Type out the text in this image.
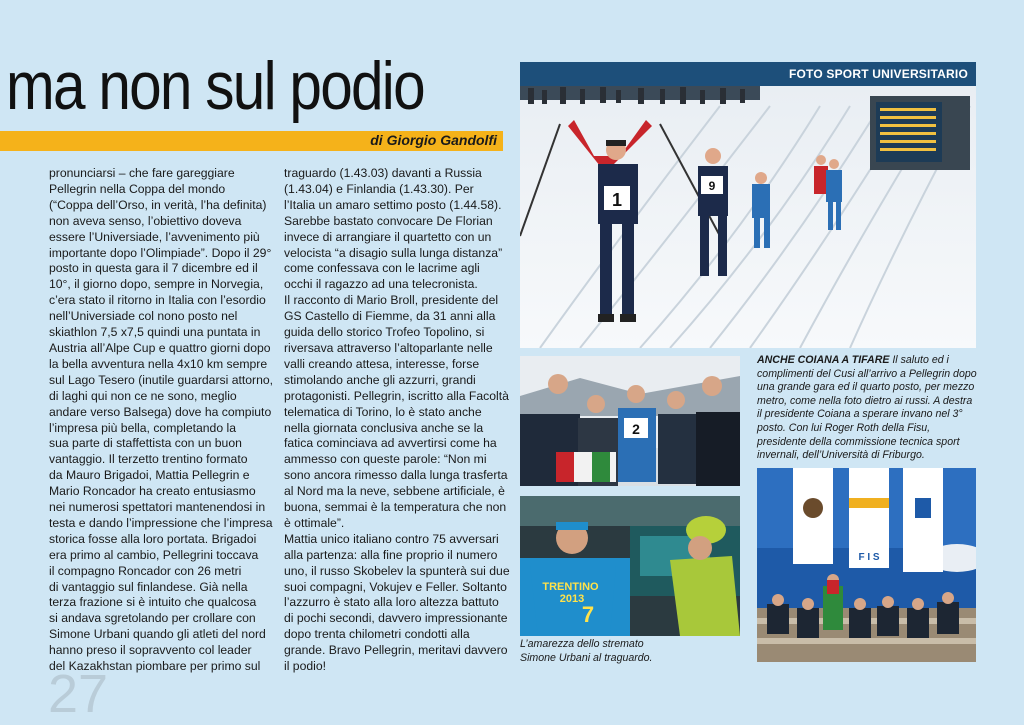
ma non sul podio
di Giorgio Gandolfi
pronunciarsi – che fare gareggiare
Pellegrin nella Coppa del mondo
(“Coppa dell’Orso, in verità, l’ha definita)
non aveva senso, l’obiettivo doveva
essere l’Universiade, l’avvenimento più
importante dopo l’Olimpiade”. Dopo il 29°
posto in questa gara il 7 dicembre ed il
10°, il giorno dopo, sempre in Norvegia,
c’era stato il ritorno in Italia con l’esordio
nell’Universiade col nono posto nel
skiathlon 7,5 x7,5 quindi una puntata in
Austria all’Alpe Cup e quattro giorni dopo
la bella avventura nella 4x10 km sempre
sul Lago Tesero (inutile guardarsi attorno,
di laghi qui non ce ne sono, meglio
andare verso Balsega) dove ha compiuto
l’impresa più bella, completando la
sua parte di staffettista con un buon
vantaggio. Il terzetto trentino formato
da Mauro Brigadoi, Mattia Pellegrin e
Mario Roncador ha creato entusiasmo
nei numerosi spettatori mantenendosi in
testa e dando l’impressione che l’impresa
storica fosse alla loro portata. Brigadoi
era primo al cambio, Pellegrini toccava
il compagno Roncador con 26 metri
di vantaggio sul finlandese. Già nella
terza frazione si è intuito che qualcosa
si andava sgretolando per crollare con
Simone Urbani quando gli atleti del nord
hanno preso il sopravvento col leader
del Kazakhstan piombare per primo sul
traguardo (1.43.03) davanti a Russia
(1.43.04) e Finlandia (1.43.30). Per
l’Italia un amaro settimo posto (1.44.58).
Sarebbe bastato convocare De Florian
invece di arrangiare il quartetto con un
velocista “a disagio sulla lunga distanza”
come confessava con le lacrime agli
occhi il ragazzo ad una telecronista.
Il racconto di Mario Broll, presidente del
GS Castello di Fiemme, da 31 anni alla
guida dello storico Trofeo Topolino, si
riversava attraverso l’altoparlante nelle
valli creando attesa, interesse, forse
stimolando anche gli azzurri, grandi
protagonisti. Pellegrin, iscritto alla Facoltà
telematica di Torino, lo è stato anche
nella giornata conclusiva anche se la
fatica cominciava ad avvertirsi come ha
ammesso con queste parole: “Non mi
sono ancora rimesso dalla lunga trasferta
al Nord ma la neve, sebbene artificiale, è
buona, semmai è la temperatura che non
è ottimale”.
Mattia unico italiano contro 75 avversari
alla partenza: alla fine proprio il numero
uno, il russo Skobelev la spunterà sui due
suoi compagni, Vokujev e Feller. Soltanto
l’azzurro è stato alla loro altezza battuto
di pochi secondi, davvero impressionante
dopo trenta chilometri condotti alla
grande. Bravo Pellegrin, meritavi davvero
il podio!
27
FOTO SPORT UNIVERSITARIO
1
9
ANCHE COIANA A TIFARE Il saluto ed i complimenti del Cusi all’arrivo a Pellegrin dopo una grande gara ed il quarto posto, per mezzo metro, come nella foto dietro ai russi. A destra il presidente Coiana a sperare invano nel 3° posto. Con lui Roger Roth della Fisu, presidente della commissione tecnica sport invernali, dell’Università di Friburgo.
2
TRENTINO 2013
7
L’amarezza dello stremato
Simone Urbani al traguardo.
F I S
